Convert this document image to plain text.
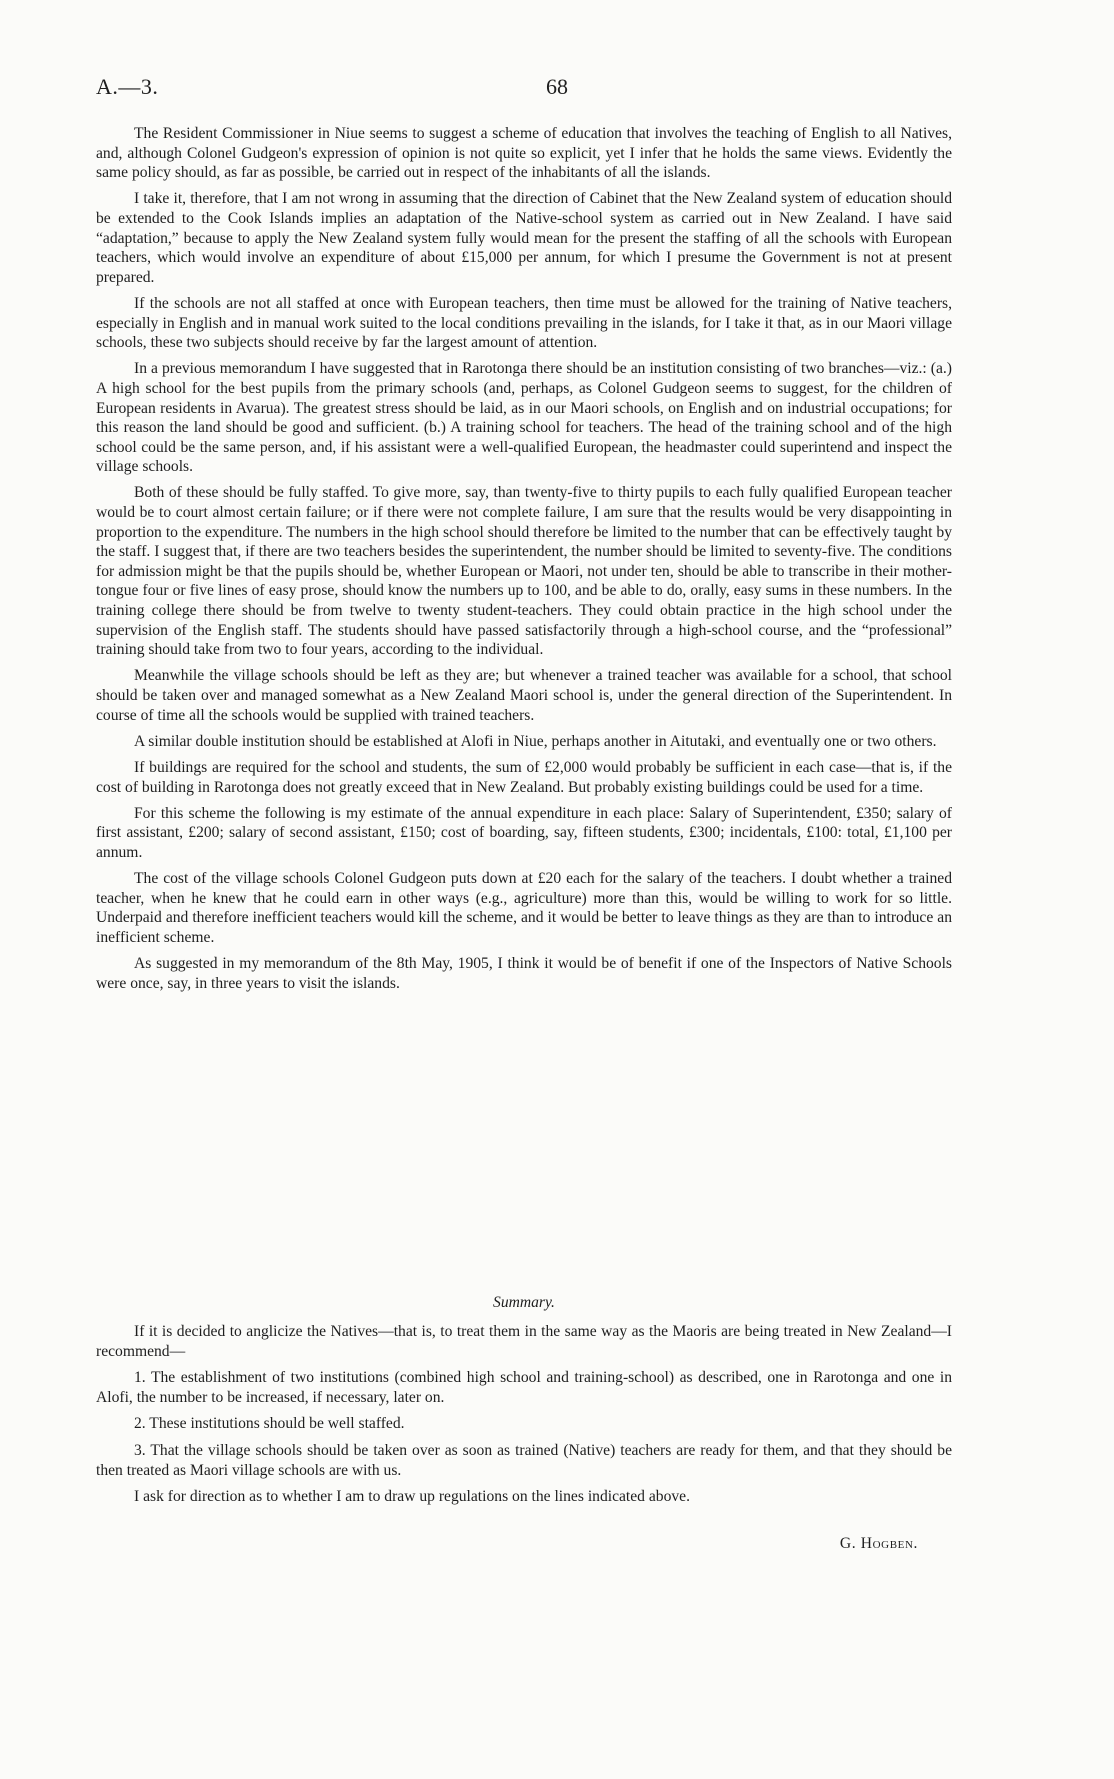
A.—3.	68

The Resident Commissioner in Niue seems to suggest a scheme of education that involves the teaching of English to all Natives, and, although Colonel Gudgeon's expression of opinion is not quite so explicit, yet I infer that he holds the same views. Evidently the same policy should, as far as possible, be carried out in respect of the inhabitants of all the islands.

I take it, therefore, that I am not wrong in assuming that the direction of Cabinet that the New Zealand system of education should be extended to the Cook Islands implies an adaptation of the Native-school system as carried out in New Zealand. I have said “adaptation,” because to apply the New Zealand system fully would mean for the present the staffing of all the schools with European teachers, which would involve an expenditure of about £15,000 per annum, for which I presume the Government is not at present prepared.

If the schools are not all staffed at once with European teachers, then time must be allowed for the training of Native teachers, especially in English and in manual work suited to the local conditions prevailing in the islands, for I take it that, as in our Maori village schools, these two subjects should receive by far the largest amount of attention.

In a previous memorandum I have suggested that in Rarotonga there should be an institution consisting of two branches—viz.: (a.) A high school for the best pupils from the primary schools (and, perhaps, as Colonel Gudgeon seems to suggest, for the children of European residents in Avarua). The greatest stress should be laid, as in our Maori schools, on English and on industrial occupations; for this reason the land should be good and sufficient. (b.) A training school for teachers. The head of the training school and of the high school could be the same person, and, if his assistant were a well-qualified European, the headmaster could superintend and inspect the village schools.

Both of these should be fully staffed. To give more, say, than twenty-five to thirty pupils to each fully qualified European teacher would be to court almost certain failure; or if there were not complete failure, I am sure that the results would be very disappointing in proportion to the expenditure. The numbers in the high school should therefore be limited to the number that can be effectively taught by the staff. I suggest that, if there are two teachers besides the superintendent, the number should be limited to seventy-five. The conditions for admission might be that the pupils should be, whether European or Maori, not under ten, should be able to transcribe in their mother-tongue four or five lines of easy prose, should know the numbers up to 100, and be able to do, orally, easy sums in these numbers. In the training college there should be from twelve to twenty student-teachers. They could obtain practice in the high school under the supervision of the English staff. The students should have passed satisfactorily through a high-school course, and the “professional” training should take from two to four years, according to the individual.

Meanwhile the village schools should be left as they are; but whenever a trained teacher was available for a school, that school should be taken over and managed somewhat as a New Zealand Maori school is, under the general direction of the Superintendent. In course of time all the schools would be supplied with trained teachers.

A similar double institution should be established at Alofi in Niue, perhaps another in Aitutaki, and eventually one or two others.

If buildings are required for the school and students, the sum of £2,000 would probably be sufficient in each case—that is, if the cost of building in Rarotonga does not greatly exceed that in New Zealand. But probably existing buildings could be used for a time.

For this scheme the following is my estimate of the annual expenditure in each place: Salary of Superintendent, £350; salary of first assistant, £200; salary of second assistant, £150; cost of boarding, say, fifteen students, £300; incidentals, £100: total, £1,100 per annum.

The cost of the village schools Colonel Gudgeon puts down at £20 each for the salary of the teachers. I doubt whether a trained teacher, when he knew that he could earn in other ways (e.g., agriculture) more than this, would be willing to work for so little. Underpaid and therefore inefficient teachers would kill the scheme, and it would be better to leave things as they are than to introduce an inefficient scheme.

As suggested in my memorandum of the 8th May, 1905, I think it would be of benefit if one of the Inspectors of Native Schools were once, say, in three years to visit the islands.

Summary.

If it is decided to anglicize the Natives—that is, to treat them in the same way as the Maoris are being treated in New Zealand—I recommend—

1. The establishment of two institutions (combined high school and training-school) as described, one in Rarotonga and one in Alofi, the number to be increased, if necessary, later on.

2. These institutions should be well staffed.

3. That the village schools should be taken over as soon as trained (Native) teachers are ready for them, and that they should be then treated as Maori village schools are with us.

I ask for direction as to whether I am to draw up regulations on the lines indicated above.

G. Hogben.
